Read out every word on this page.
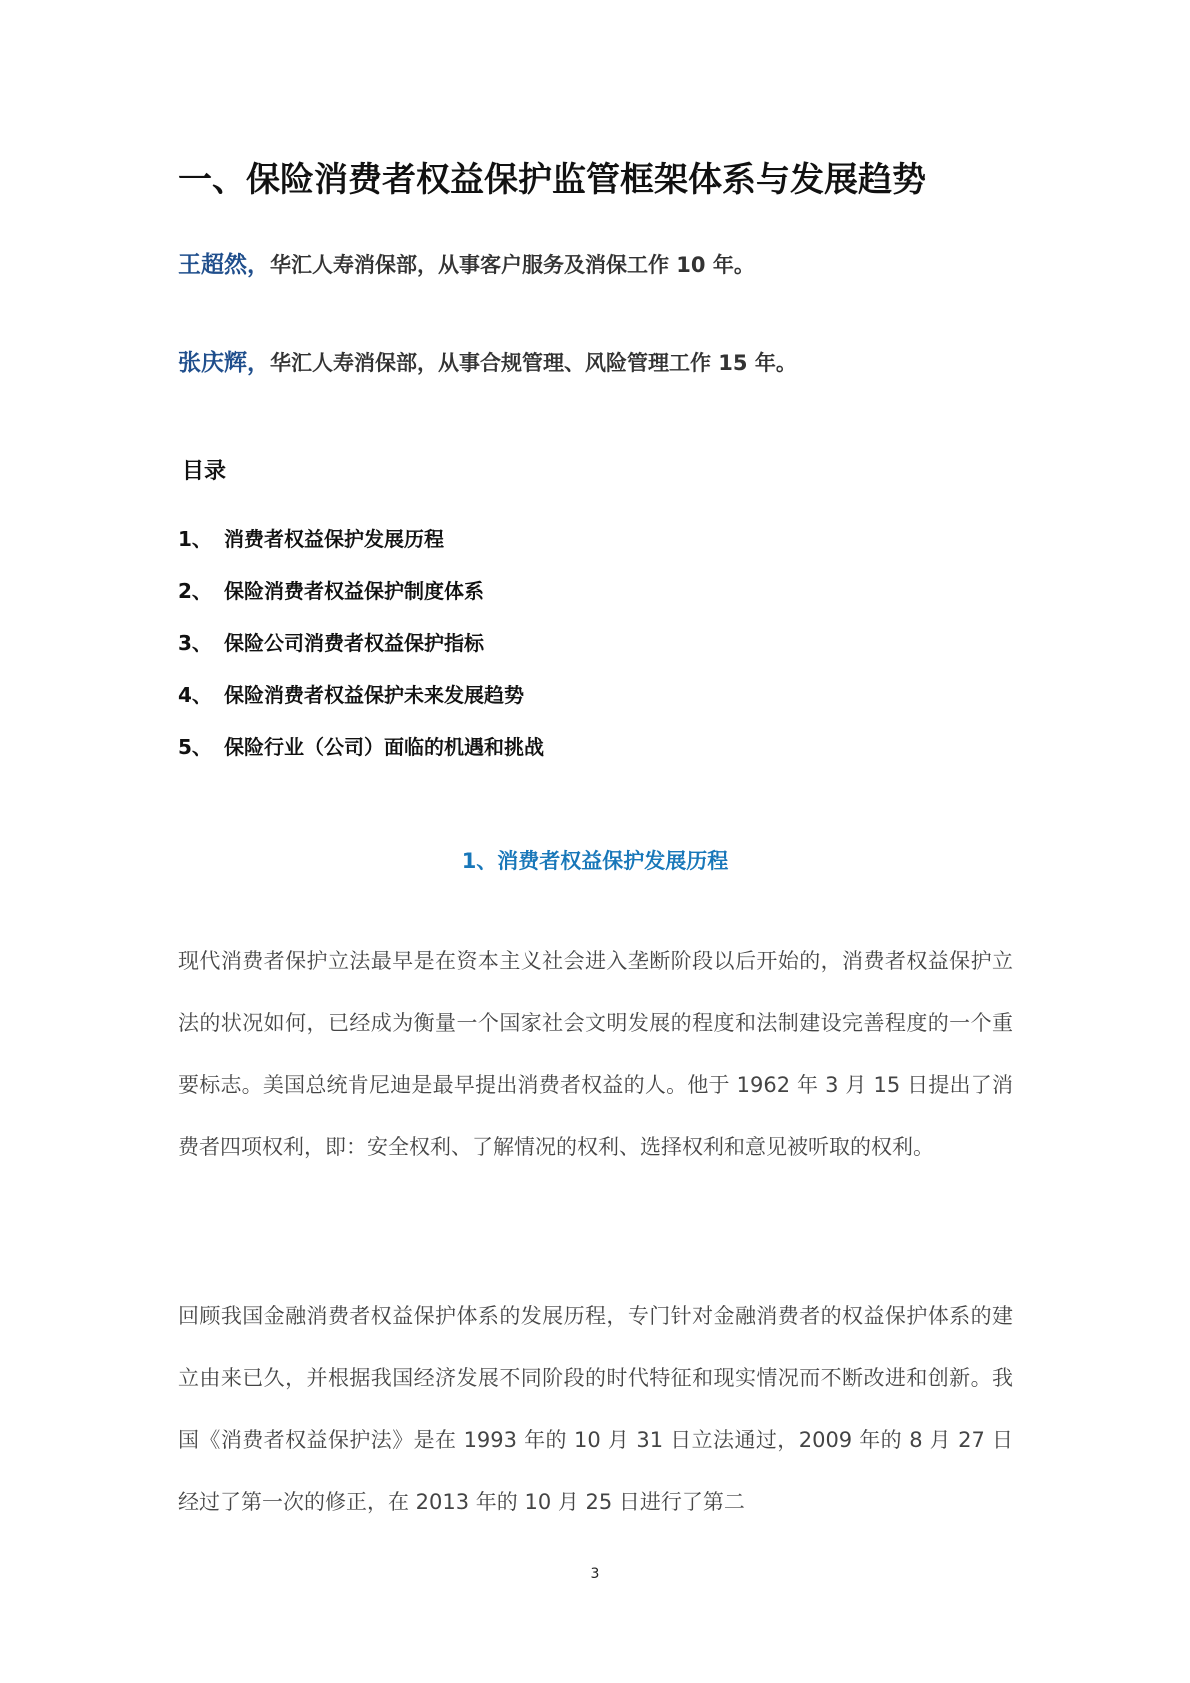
一、保险消费者权益保护监管框架体系与发展趋势
王超然，华汇人寿消保部，从事客户服务及消保工作 10 年。
张庆辉，华汇人寿消保部，从事合规管理、风险管理工作 15 年。
目录
1、 消费者权益保护发展历程
2、 保险消费者权益保护制度体系
3、 保险公司消费者权益保护指标
4、 保险消费者权益保护未来发展趋势
5、 保险行业（公司）面临的机遇和挑战
1、消费者权益保护发展历程

现代消费者保护立法最早是在资本主义社会进入垄断阶段以后开始的，消费者权益保护立法的状况如何，已经成为衡量一个国家社会文明发展的程度和法制建设完善程度的一个重要标志。美国总统肯尼迪是最早提出消费者权益的人。他于 1962 年 3 月 15 日提出了消费者四项权利，即：安全权利、了解情况的权利、选择权利和意见被听取的权利。

回顾我国金融消费者权益保护体系的发展历程，专门针对金融消费者的权益保护体系的建立由来已久，并根据我国经济发展不同阶段的时代特征和现实情况而不断改进和创新。我国《消费者权益保护法》是在 1993 年的 10 月 31 日立法通过，2009 年的 8 月 27 日经过了第一次的修正，在 2013 年的 10 月 25 日进行了第二

3
